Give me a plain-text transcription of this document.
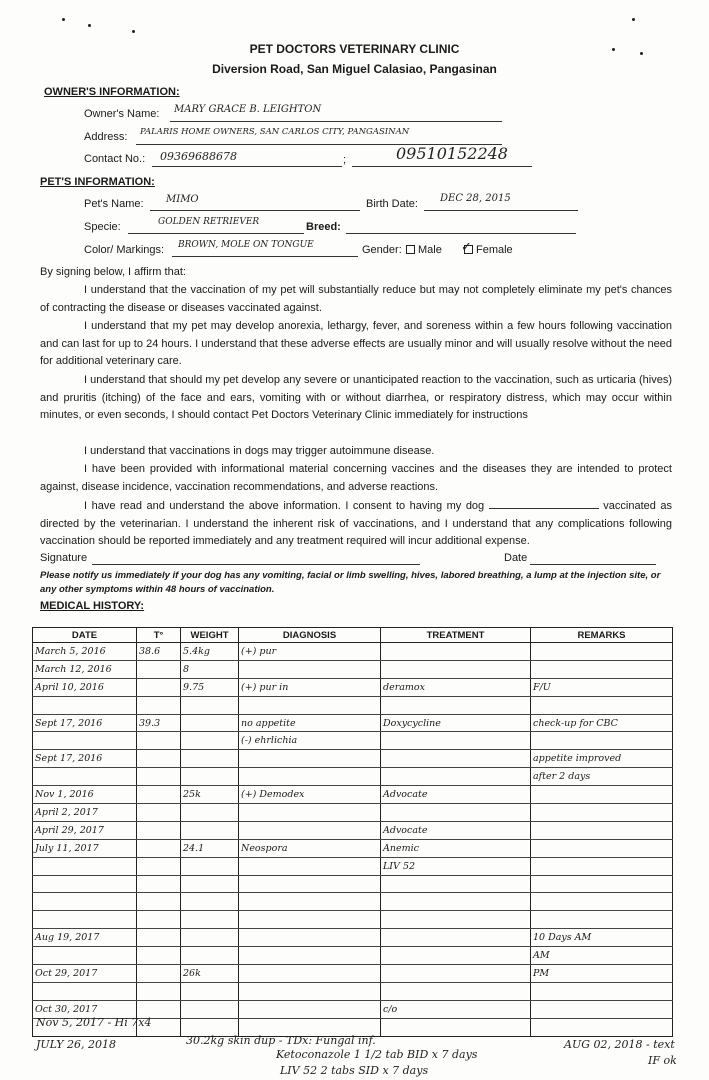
PET DOCTORS VETERINARY CLINIC
Diversion Road, San Miguel Calasiao, Pangasinan
OWNER'S INFORMATION:
Owner's Name: MARY GRACE B. LEIGHTON
Address: PALARIS HOME OWNERS, SAN CARLOS CITY, PANGASINAN
Contact No.:	;
09369688678	09510152248
PET'S INFORMATION:
Pet's Name: MIMO	Birth Date: DEC 28, 2015
Specie:	GOLDEN RETRIEVER	Breed:
Color/ Markings: BROWN, MOLE ON TONGUE	Gender: Male ✓ Female
By signing below, I affirm that:
I understand that the vaccination of my pet will substantially reduce but may not completely eliminate my pet's chances of contracting the disease or diseases vaccinated against.
I understand that my pet may develop anorexia, lethargy, fever, and soreness within a few hours following vaccination and can last for up to 24 hours. I understand that these adverse effects are usually minor and will usually resolve without the need for additional veterinary care.
I understand that should my pet develop any severe or unanticipated reaction to the vaccination, such as urticaria (hives) and pruritis (itching) of the face and ears, vomiting with or without diarrhea, or respiratory distress, which may occur within minutes, or even seconds, I should contact Pet Doctors Veterinary Clinic immediately for instructions
I understand that vaccinations in dogs may trigger autoimmune disease.
I have been provided with informational material concerning vaccines and the diseases they are intended to protect against, disease incidence, vaccination recommendations, and adverse reactions.
I have read and understand the above information. I consent to having my dog	vaccinated as directed by the veterinarian. I understand the inherent risk of vaccinations, and I understand that any complications following vaccination should be reported immediately and any treatment required will incur additional expense.
Signature	Date
Please notify us immediately if your dog has any vomiting, facial or limb swelling, hives, labored breathing, a lump at the injection site, or any other symptoms within 48 hours of vaccination.
MEDICAL HISTORY:
DATE	T°	WEIGHT	DIAGNOSIS	TREATMENT	REMARKS
March 5, 2016	38.6	5.4kg	(+) pur		
March 12, 2016		8			
April 10, 2016		9.75	(+) pur in	deramox	F/U

Sept 17, 2016	39.3		no appetite	Doxycycline	check-up for CBC
			(-) ehrlichia		
Sept 17, 2016					appetite improved
					after 2 days
Nov 1, 2016		25k	(+) Demodex	Advocate	
April 2, 2017					
April 29, 2017				Advocate	
July 11, 2017		24.1	Neospora	Anemic	
				LIV 52	

Aug 19, 2017					10 Days AM
					AM
Oct 29, 2017		26k			PM

Oct 30, 2017				c/o	

Nov 5, 2017 - Hi 7x4
JULY 26, 2018	30.2kg skin dup - TDx: Fungal inf.
Ketoconazole 1 1/2 tab BID x 7 days
LIV 52 2 tabs SID x 7 days
AUG 02, 2018 - text
IF ok
